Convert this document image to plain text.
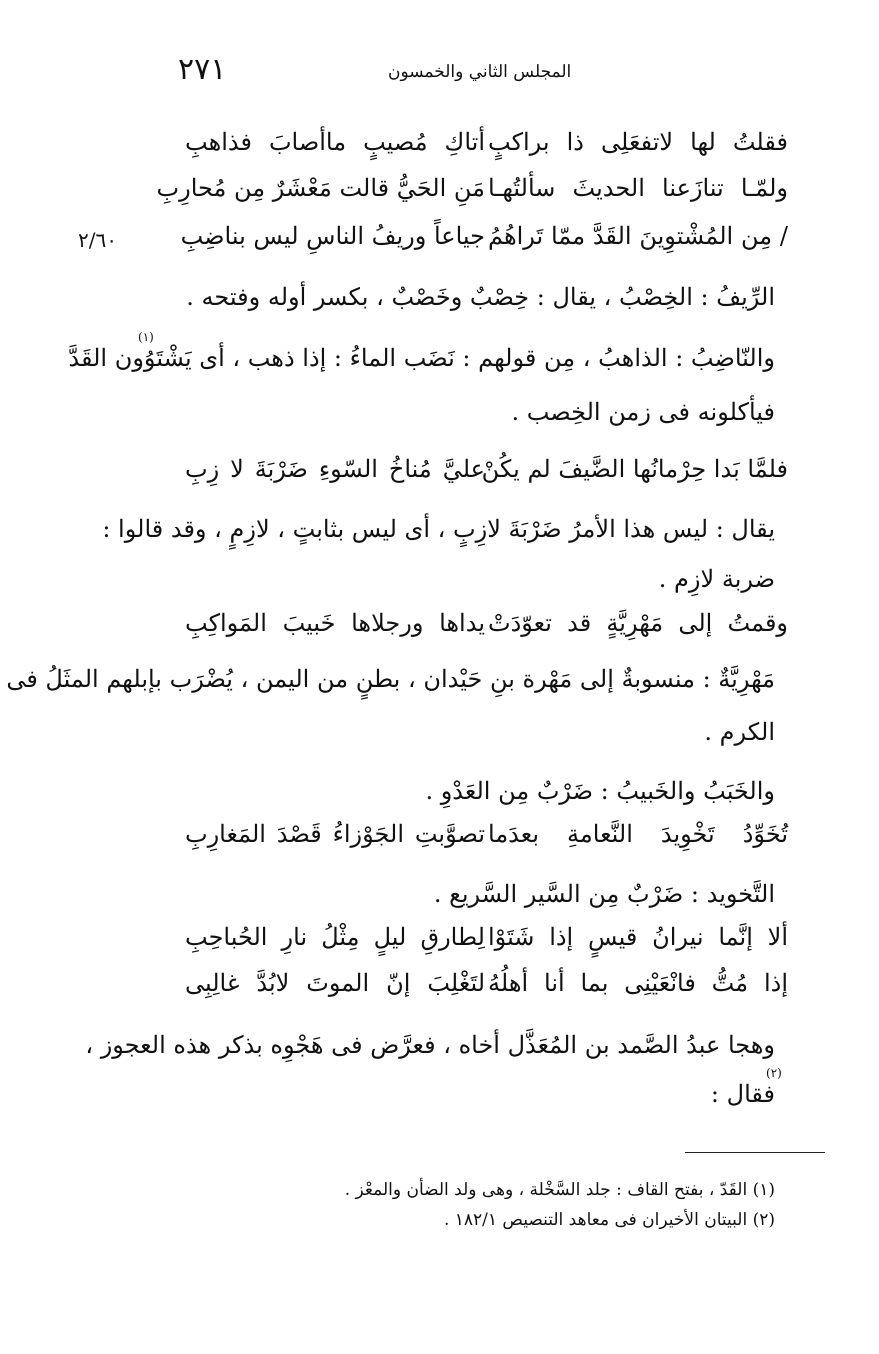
٢٧١	المجلس الثاني والخمسون
٢/٦٠
فقلتُ لها لاتفعَلِى ذا براكبٍ
أتاكِ مُصيبٍ ماأصابَ فذاهبِ
ولمّـا تنازَعنا الحديثَ سألتُهـا
مَنِ الحَيُّ قالت مَعْشَرٌ مِن مُحارِبِ
/ مِن المُشْتوِينَ القَدَّ ممّا تَراهُمُ
جياعاً وريفُ الناسِ ليس بناضِبِ
الرِّيفُ : الخِصْبُ ، يقال : خِصْبٌ وخَصْبٌ ، بكسر أوله وفتحه .
والنّاضِبُ : الذاهبُ ، مِن قولهم : نَضَب الماءُ : إذا ذهب ، أى يَشْتَوُون القَدَّ
(١)
فيأكلونه فى زمن الخِصب .
فلمَّا بَدا حِرْمانُها الضَّيفَ لم يكُنْ
عليَّ مُناخُ السّوءِ ضَرْبَةَ لا زِبِ
يقال : ليس هذا الأمرُ ضَرْبَةَ لازِبٍ ، أى ليس بثابتٍ ، لازِمٍ ، وقد قالوا :
ضربة لازِم .
وقمتُ إلى مَهْرِيَّةٍ قد تعوّدَتْ
يداها ورجلاها خَبيبَ المَواكِبِ
مَهْرِيَّةٌ : منسوبةٌ إلى مَهْرة بنِ حَيْدان ، بطنٍ من اليمن ، يُضْرَب بإبلهم المثَلُ فى
الكرم .
والخَبَبُ والخَبيبُ : ضَرْبٌ مِن العَدْوِ .
تُخَوِّدُ تَخْوِيدَ النَّعامةِ بعدَما
تصوَّبتِ الجَوْزاءُ قَصْدَ المَغارِبِ
التَّخويد : ضَرْبٌ مِن السَّير السَّريع .
ألا إنَّما نيرانُ قيسٍ إذا شَتَوْا
لِطارقِ ليلٍ مِثْلُ نارِ الحُباحِبِ
إذا مُتُّ فانْعَيْنِى بما أنا أهلُهُ
لتَغْلِبَ إنّ الموتَ لابُدَّ غالِبِى
وهجا عبدُ الصَّمد بن المُعَذَّل أخاه ، فعرَّض فى هَجْوِه بذكر هذه العجوز ،
(٢)
فقال :
(١) القَدّ ، بفتح القاف : جلد السَّخْلة ، وهى ولد الضأن والمعْز .
(٢) البيتان الأخيران فى معاهد التنصيص ١٨٢/١ .
